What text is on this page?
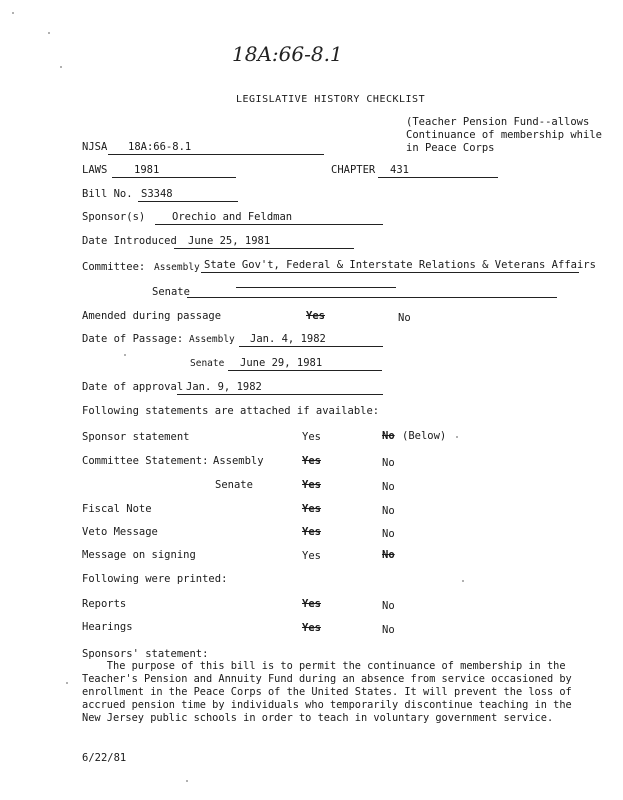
18A:66-8.1
LEGISLATIVE HISTORY CHECKLIST
(Teacher Pension Fund--allows
Continuance of membership while
in Peace Corps
NJSA 18A:66-8.1
LAWS	1981	CHAPTER 431
Bill No. S3348
Sponsor(s)	Orechio and Feldman
Date Introduced June 25, 1981
Committee: Assembly State Gov't, Federal & Interstate Relations & Veterans Affairs
Senate
Amended during passage	Yes	No
Date of Passage: Assembly Jan. 4, 1982
Senate June 29, 1981
Date of approval Jan. 9, 1982
Following statements are attached if available:
Sponsor statement	Yes	No (Below)
Committee Statement: Assembly	Yes	No
Senate	Yes	No
Fiscal Note	Yes	No
Veto Message	Yes	No
Message on signing	Yes	No
Following were printed:
Reports	Yes	No
Hearings	Yes	No
Sponsors' statement:
The purpose of this bill is to permit the continuance of membership in the
Teacher's Pension and Annuity Fund during an absence from service occasioned by
enrollment in the Peace Corps of the United States. It will prevent the loss of
accrued pension time by individuals who temporarily discontinue teaching in the
New Jersey public schools in order to teach in voluntary government service.
6/22/81
